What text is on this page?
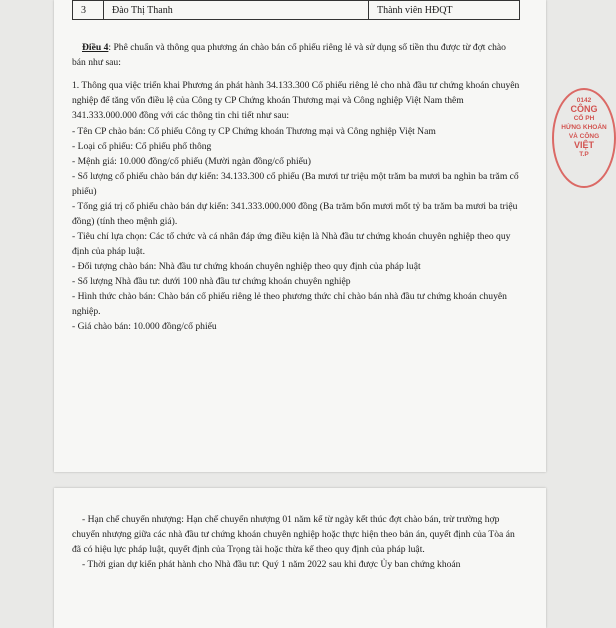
3	Đào Thị Thanh	Thành viên HĐQT

Điều 4: Phê chuẩn và thông qua phương án chào bán cổ phiếu riêng lẻ và sử dụng số tiền thu được từ đợt chào bán như sau:

1. Thông qua việc triển khai Phương án phát hành 34.133.300 Cổ phiếu riêng lẻ cho nhà đầu tư chứng khoán chuyên nghiệp để tăng vốn điều lệ của Công ty CP Chứng khoán Thương mại và Công nghiệp Việt Nam thêm 341.333.000.000 đồng với các thông tin chi tiết như sau:

- Tên CP chào bán: Cổ phiếu Công ty CP Chứng khoán Thương mại và Công nghiệp Việt Nam

- Loại cổ phiếu: Cổ phiếu phổ thông

- Mệnh giá: 10.000 đồng/cổ phiếu (Mười ngàn đồng/cổ phiếu)

- Số lượng cổ phiếu chào bán dự kiến: 34.133.300 cổ phiếu (Ba mươi tư triệu một trăm ba mươi ba nghìn ba trăm cổ phiếu)

- Tổng giá trị cổ phiếu chào bán dự kiến: 341.333.000.000 đồng (Ba trăm bốn mươi mốt tỷ ba trăm ba mươi ba triệu đồng) (tính theo mệnh giá).

- Tiêu chí lựa chọn: Các tổ chức và cá nhân đáp ứng điều kiện là Nhà đầu tư chứng khoán chuyên nghiệp theo quy định của pháp luật.

- Đối tượng chào bán: Nhà đầu tư chứng khoán chuyên nghiệp theo quy định của pháp luật

- Số lượng Nhà đầu tư: dưới 100 nhà đầu tư chứng khoán chuyên nghiệp

- Hình thức chào bán: Chào bán cổ phiếu riêng lẻ theo phương thức chỉ chào bán nhà đầu tư chứng khoán chuyên nghiệp.

- Giá chào bán: 10.000 đồng/cổ phiếu

0142
CÔNG
CỔ PH
HỨNG KHOÁN
VÀ CÔNG
VIỆT
T.P

- Hạn chế chuyển nhượng: Hạn chế chuyển nhượng 01 năm kể từ ngày kết thúc đợt chào bán, trừ trường hợp chuyển nhượng giữa các nhà đầu tư chứng khoán chuyên nghiệp hoặc thực hiện theo bản án, quyết định của Tòa án đã có hiệu lực pháp luật, quyết định của Trọng tài hoặc thừa kế theo quy định của pháp luật.

- Thời gian dự kiến phát hành cho Nhà đầu tư: Quý 1 năm 2022 sau khi được Ủy ban chứng khoán
